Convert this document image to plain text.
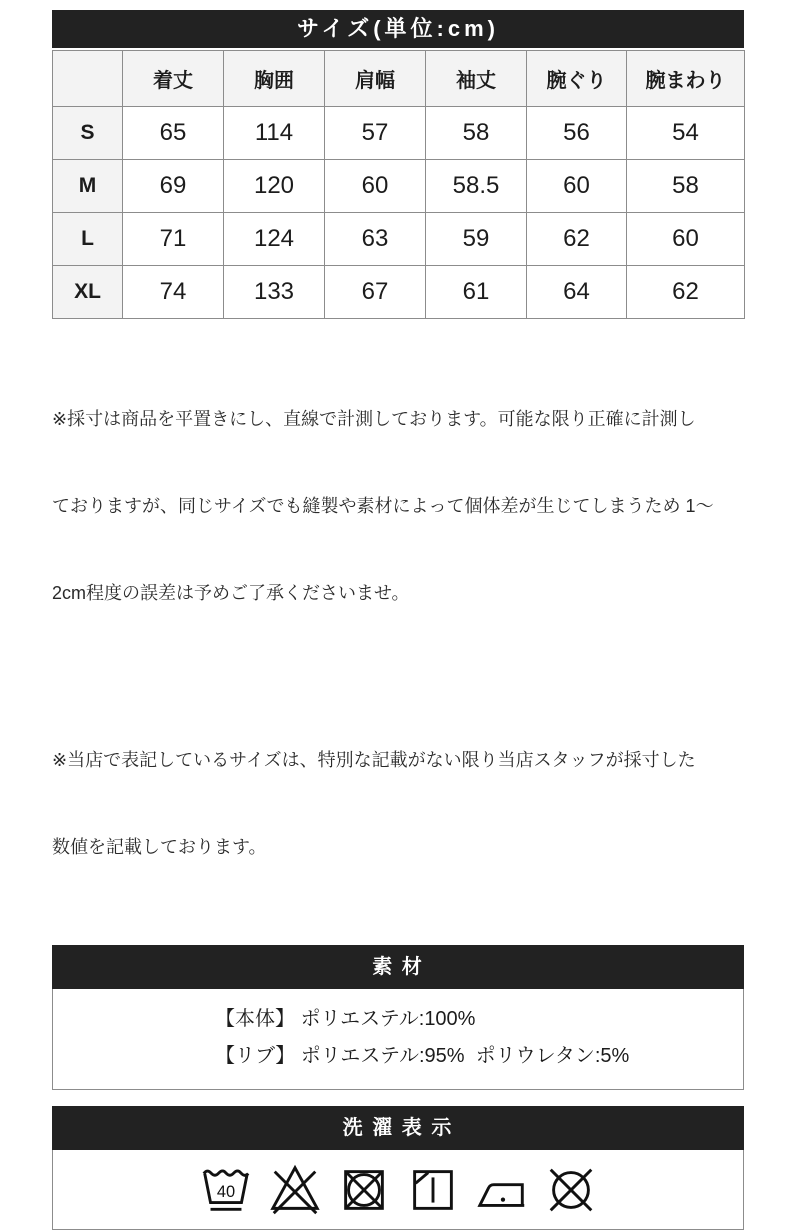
サイズ(単位:cm)
	着丈	胸囲	肩幅	袖丈	腕ぐり	腕まわり
S	65	114	57	58	56	54
M	69	120	60	58.5	60	58
L	71	124	63	59	62	60
XL	74	133	67	61	64	62

※採寸は商品を平置きにし、直線で計測しております。可能な限り正確に計測し

ておりますが、同じサイズでも縫製や素材によって個体差が生じてしまうため 1～

2cm程度の誤差は予めご了承くださいませ。

※当店で表記しているサイズは、特別な記載がない限り当店スタッフが採寸した

数値を記載しております。

素 材
【本体】 ポリエステル:100%
【リブ】 ポリエステル:95%  ポリウレタン:5%
洗 濯 表 示
40
